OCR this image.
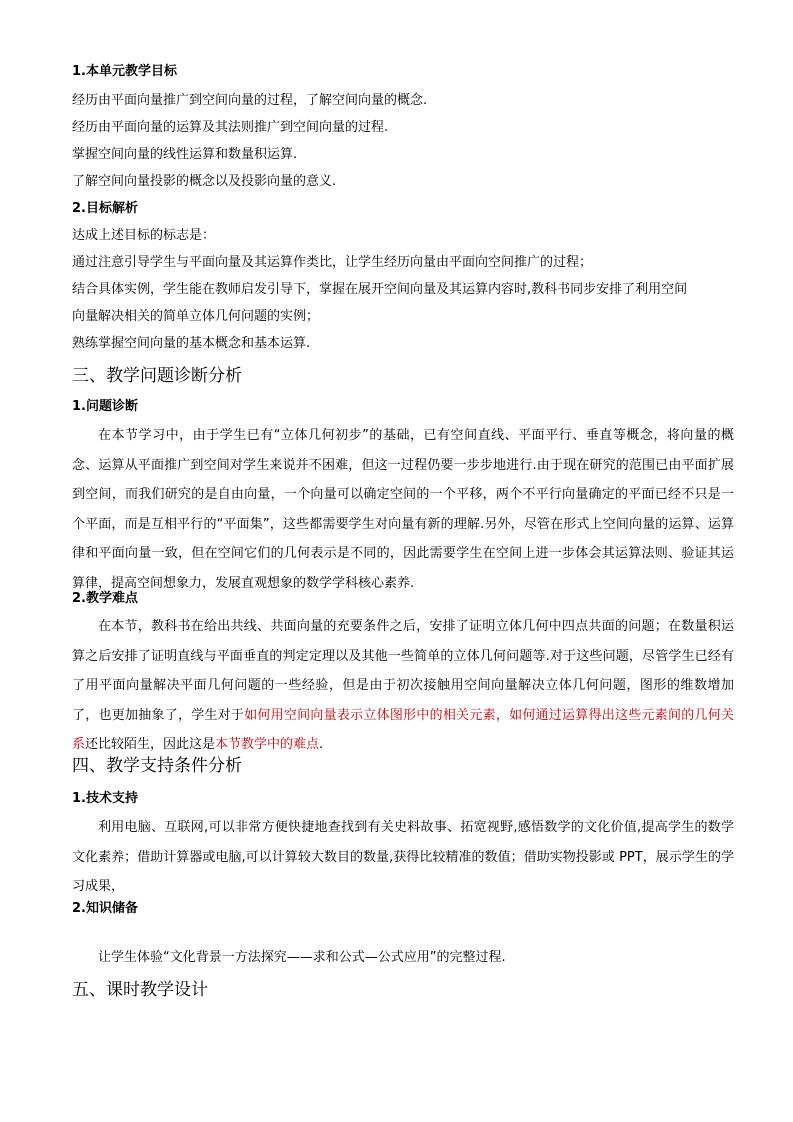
1.本单元教学目标
经历由平面向量推广到空间向量的过程，了解空间向量的概念.
经历由平面向量的运算及其法则推广到空间向量的过程.
掌握空间向量的线性运算和数量积运算.
了解空间向量投影的概念以及投影向量的意义.
2.目标解析
达成上述目标的标志是：
通过注意引导学生与平面向量及其运算作类比，让学生经历向量由平面向空间推广的过程；
结合具体实例，学生能在教师启发引导下，掌握在展开空间向量及其运算内容时,教科书同步安排了利用空间
向量解决相关的简单立体几何问题的实例；
熟练掌握空间向量的基本概念和基本运算.
三、教学问题诊断分析
1.问题诊断
在本节学习中，由于学生已有“立体几何初步”的基础，已有空间直线、平面平行、垂直等概念，将向量的概念、运算从平面推广到空间对学生来说并不困难，但这一过程仍要一步步地进行.由于现在研究的范围已由平面扩展到空间，而我们研究的是自由向量，一个向量可以确定空间的一个平移，两个不平行向量确定的平面已经不只是一个平面，而是互相平行的“平面集”，这些都需要学生对向量有新的理解.另外，尽管在形式上空间向量的运算、运算律和平面向量一致，但在空间它们的几何表示是不同的，因此需要学生在空间上进一步体会其运算法则、验证其运算律，提高空间想象力，发展直观想象的数学学科核心素养.
2.教学难点
在本节，教科书在给出共线、共面向量的充要条件之后，安排了证明立体几何中四点共面的问题；在数量积运算之后安排了证明直线与平面垂直的判定定理以及其他一些简单的立体几何问题等.对于这些问题，尽管学生已经有了用平面向量解决平面几何问题的一些经验，但是由于初次接触用空间向量解决立体几何问题，图形的维数增加了，也更加抽象了，学生对于如何用空间向量表示立体图形中的相关元素，如何通过运算得出这些元素间的几何关系还比较陌生，因此这是本节教学中的难点.
四、教学支持条件分析
1.技术支持
利用电脑、互联网,可以非常方便快捷地查找到有关史料故事、拓宽视野,感悟数学的文化价值,提高学生的数学文化素养；借助计算器或电脑,可以计算较大数目的数量,获得比较精准的数值；借助实物投影或 PPT，展示学生的学习成果，
2.知识储备
让学生体验“文化背景一方法探究——求和公式—公式应用”的完整过程.
五、课时教学设计
